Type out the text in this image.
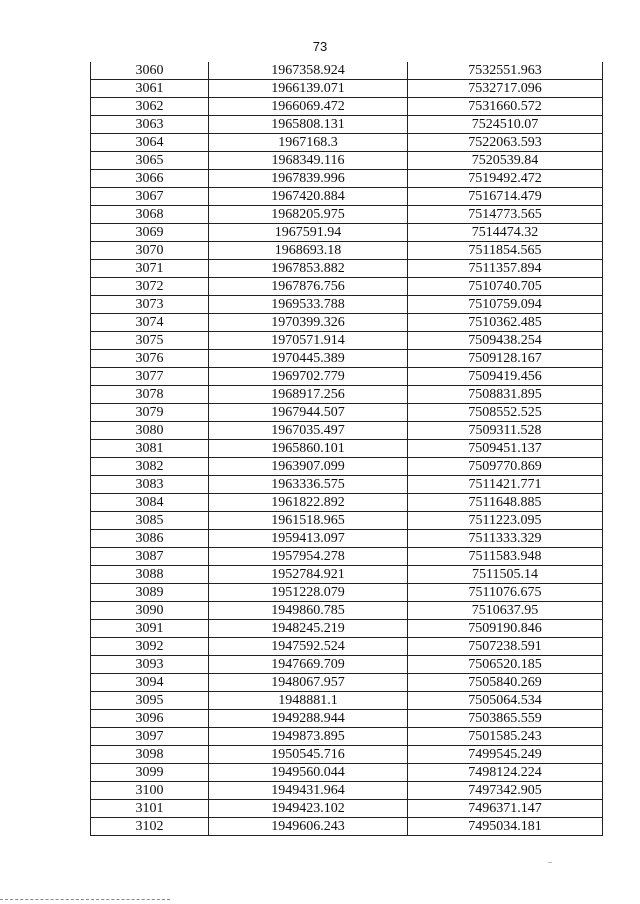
73
3060	1967358.924	7532551.963
3061	1966139.071	7532717.096
3062	1966069.472	7531660.572
3063	1965808.131	7524510.07
3064	1967168.3	7522063.593
3065	1968349.116	7520539.84
3066	1967839.996	7519492.472
3067	1967420.884	7516714.479
3068	1968205.975	7514773.565
3069	1967591.94	7514474.32
3070	1968693.18	7511854.565
3071	1967853.882	7511357.894
3072	1967876.756	7510740.705
3073	1969533.788	7510759.094
3074	1970399.326	7510362.485
3075	1970571.914	7509438.254
3076	1970445.389	7509128.167
3077	1969702.779	7509419.456
3078	1968917.256	7508831.895
3079	1967944.507	7508552.525
3080	1967035.497	7509311.528
3081	1965860.101	7509451.137
3082	1963907.099	7509770.869
3083	1963336.575	7511421.771
3084	1961822.892	7511648.885
3085	1961518.965	7511223.095
3086	1959413.097	7511333.329
3087	1957954.278	7511583.948
3088	1952784.921	7511505.14
3089	1951228.079	7511076.675
3090	1949860.785	7510637.95
3091	1948245.219	7509190.846
3092	1947592.524	7507238.591
3093	1947669.709	7506520.185
3094	1948067.957	7505840.269
3095	1948881.1	7505064.534
3096	1949288.944	7503865.559
3097	1949873.895	7501585.243
3098	1950545.716	7499545.249
3099	1949560.044	7498124.224
3100	1949431.964	7497342.905
3101	1949423.102	7496371.147
3102	1949606.243	7495034.181
